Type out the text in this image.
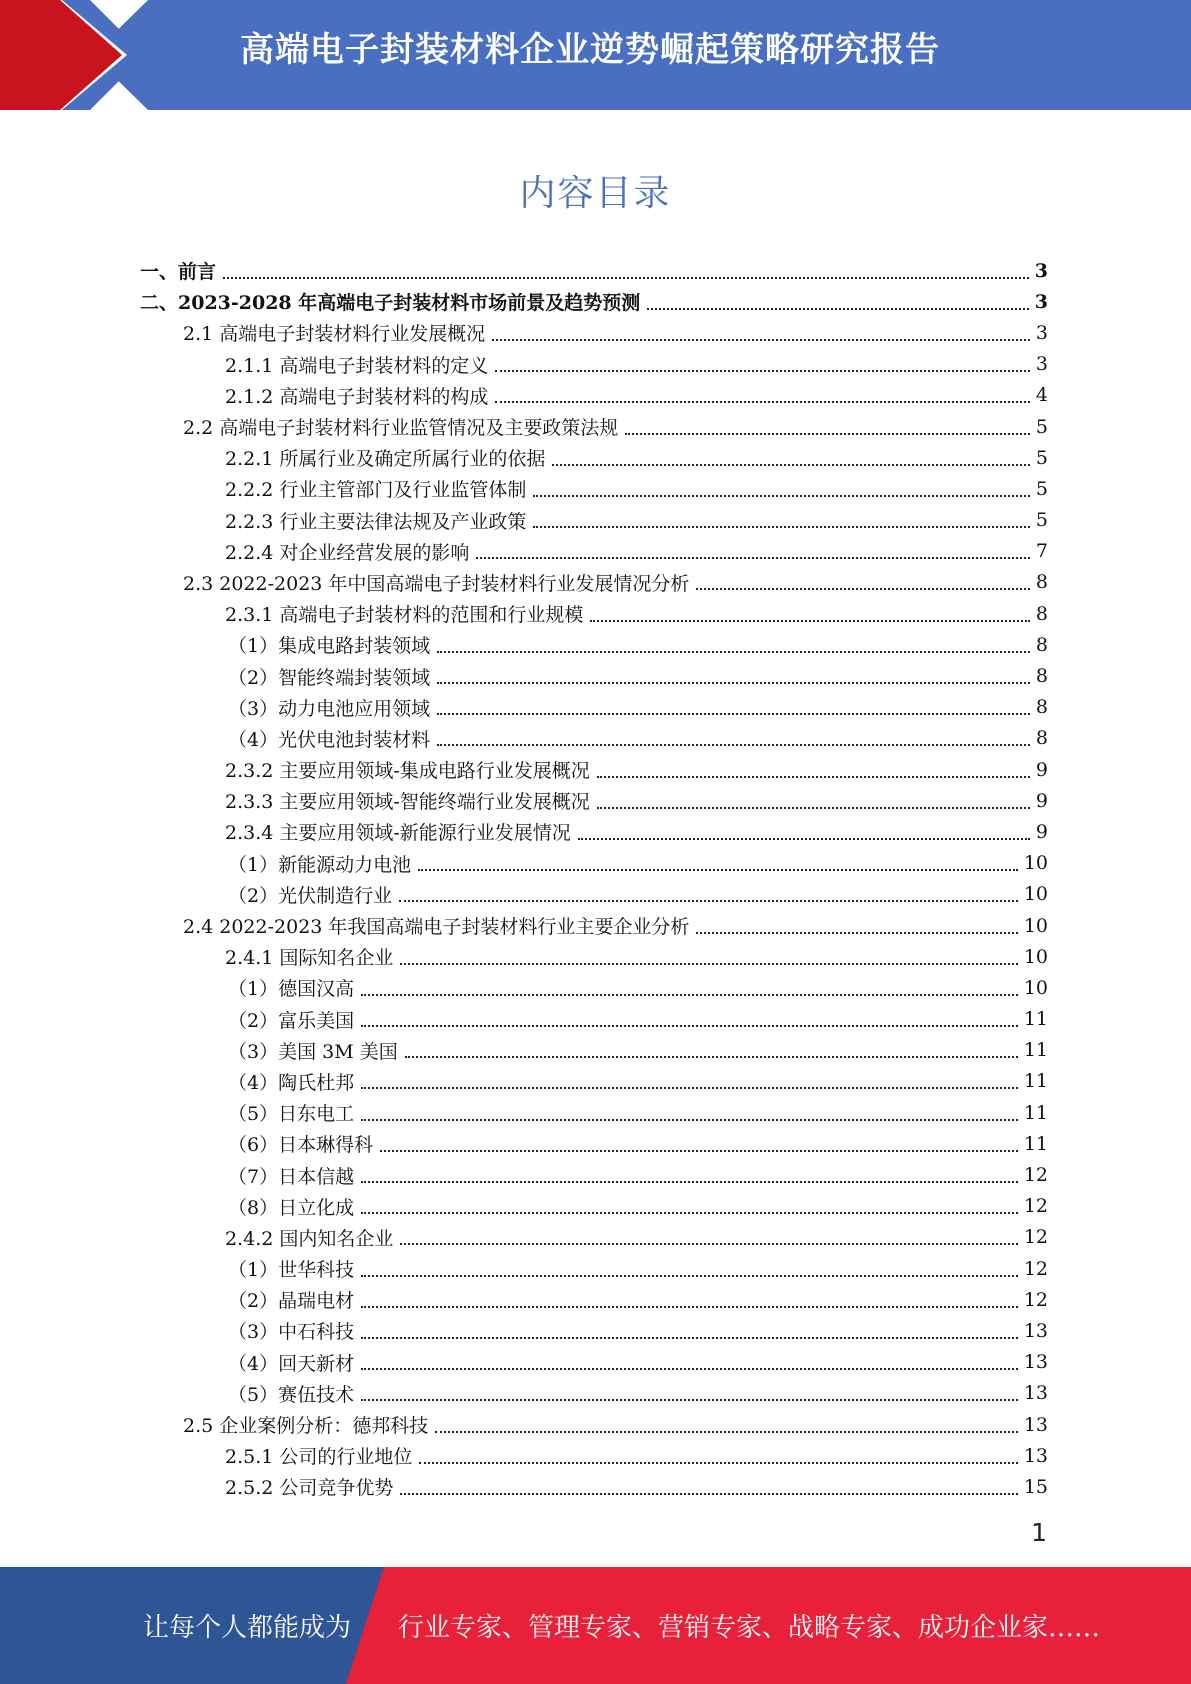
高端电子封装材料企业逆势崛起策略研究报告
内容目录
一、前言	3
二、2023-2028 年高端电子封装材料市场前景及趋势预测	3
2.1 高端电子封装材料行业发展概况	3
2.1.1 高端电子封装材料的定义	3
2.1.2 高端电子封装材料的构成	4
2.2 高端电子封装材料行业监管情况及主要政策法规	5
2.2.1 所属行业及确定所属行业的依据	5
2.2.2 行业主管部门及行业监管体制	5
2.2.3 行业主要法律法规及产业政策	5
2.2.4 对企业经营发展的影响	7
2.3 2022-2023 年中国高端电子封装材料行业发展情况分析	8
2.3.1 高端电子封装材料的范围和行业规模	8
（1）集成电路封装领域	8
（2）智能终端封装领域	8
（3）动力电池应用领域	8
（4）光伏电池封装材料	8
2.3.2 主要应用领域-集成电路行业发展概况	9
2.3.3 主要应用领域-智能终端行业发展概况	9
2.3.4 主要应用领域-新能源行业发展情况	9
（1）新能源动力电池	10
（2）光伏制造行业	10
2.4 2022-2023 年我国高端电子封装材料行业主要企业分析	10
2.4.1 国际知名企业	10
（1）德国汉高	10
（2）富乐美国	11
（3）美国 3M 美国	11
（4）陶氏杜邦	11
（5）日东电工	11
（6）日本琳得科	11
（7）日本信越	12
（8）日立化成	12
2.4.2 国内知名企业	12
（1）世华科技	12
（2）晶瑞电材	12
（3）中石科技	13
（4）回天新材	13
（5）赛伍技术	13
2.5 企业案例分析：德邦科技	13
2.5.1 公司的行业地位	13
2.5.2 公司竞争优势	15
1
让每个人都能成为 行业专家、管理专家、营销专家、战略专家、成功企业家……
